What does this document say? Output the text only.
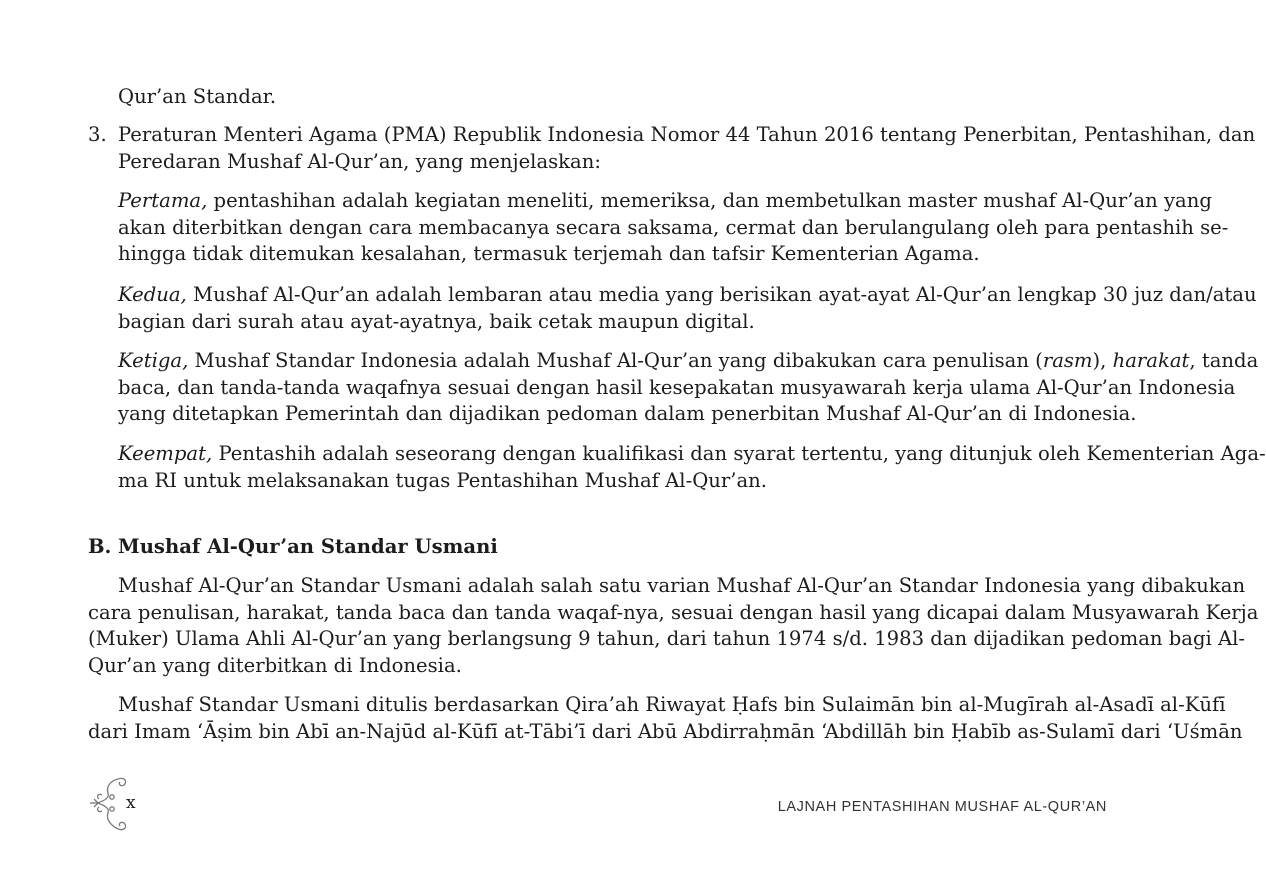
Qur’an Standar.
3. Peraturan Menteri Agama (PMA) Republik Indonesia Nomor 44 Tahun 2016 tentang Penerbitan, Pentashihan, dan
Peredaran Mushaf Al-Qur’an, yang menjelaskan:
Pertama, pentashihan adalah kegiatan meneliti, memeriksa, dan membetulkan master mushaf Al-Qur’an yang
akan diterbitkan dengan cara membacanya secara saksama, cermat dan berulangulang oleh para pentashih se-
hingga tidak ditemukan kesalahan, termasuk terjemah dan tafsir Kementerian Agama.
Kedua, Mushaf Al-Qur’an adalah lembaran atau media yang berisikan ayat-ayat Al-Qur’an lengkap 30 juz dan/atau
bagian dari surah atau ayat-ayatnya, baik cetak maupun digital.
Ketiga, Mushaf Standar Indonesia adalah Mushaf Al-Qur’an yang dibakukan cara penulisan (rasm), harakat, tanda
baca, dan tanda-tanda waqafnya sesuai dengan hasil kesepakatan musyawarah kerja ulama Al-Qur’an Indonesia
yang ditetapkan Pemerintah dan dijadikan pedoman dalam penerbitan Mushaf Al-Qur’an di Indonesia.
Keempat, Pentashih adalah seseorang dengan kualifikasi dan syarat tertentu, yang ditunjuk oleh Kementerian Aga-
ma RI untuk melaksanakan tugas Pentashihan Mushaf Al-Qur’an.
B. Mushaf Al-Qur’an Standar Usmani
Mushaf Al-Qur’an Standar Usmani adalah salah satu varian Mushaf Al-Qur’an Standar Indonesia yang dibakukan
cara penulisan, harakat, tanda baca dan tanda waqaf-nya, sesuai dengan hasil yang dicapai dalam Musyawarah Kerja
(Muker) Ulama Ahli Al-Qur’an yang berlangsung 9 tahun, dari tahun 1974 s/d. 1983 dan dijadikan pedoman bagi Al-
Qur’an yang diterbitkan di Indonesia.
Mushaf Standar Usmani ditulis berdasarkan Qira’ah Riwayat Ḥafs bin Sulaimān bin al-Mugīrah al-Asadī al-Kūfī
dari Imam ‘Āṣim bin Abī an-Najūd al-Kūfī at-Tābi’ī dari Abū Abdirraḥmān ‘Abdillāh bin Ḥabīb as-Sulamī dari ‘Uśmān
x	LAJNAH PENTASHIHAN MUSHAF AL-QUR’AN
